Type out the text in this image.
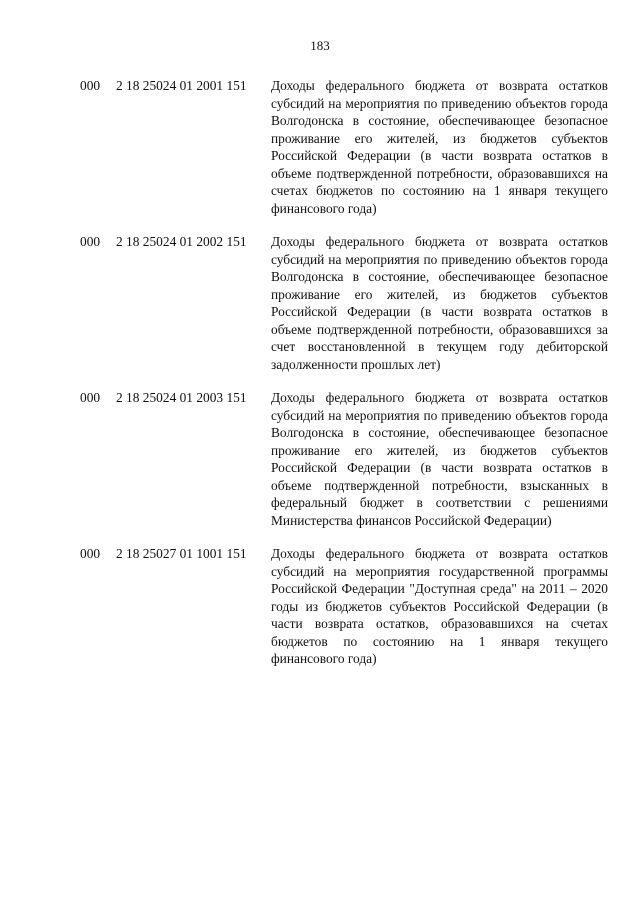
183
000 2 18 25024 01 2001 151 Доходы федерального бюджета от возврата остатков субсидий на мероприятия по приведению объектов города Волгодонска в состояние, обеспечивающее безопасное проживание его жителей, из бюджетов субъектов Российской Федерации (в части возврата остатков в объеме подтвержденной потребности, образовавшихся на счетах бюджетов по состоянию на 1 января текущего финансового года)
000 2 18 25024 01 2002 151 Доходы федерального бюджета от возврата остатков субсидий на мероприятия по приведению объектов города Волгодонска в состояние, обеспечивающее безопасное проживание его жителей, из бюджетов субъектов Российской Федерации (в части возврата остатков в объеме подтвержденной потребности, образовавшихся за счет восстановленной в текущем году дебиторской задолженности прошлых лет)
000 2 18 25024 01 2003 151 Доходы федерального бюджета от возврата остатков субсидий на мероприятия по приведению объектов города Волгодонска в состояние, обеспечивающее безопасное проживание его жителей, из бюджетов субъектов Российской Федерации (в части возврата остатков в объеме подтвержденной потребности, взысканных в федеральный бюджет в соответствии с решениями Министерства финансов Российской Федерации)
000 2 18 25027 01 1001 151 Доходы федерального бюджета от возврата остатков субсидий на мероприятия государственной программы Российской Федерации "Доступная среда" на 2011 – 2020 годы из бюджетов субъектов Российской Федерации (в части возврата остатков, образовавшихся на счетах бюджетов по состоянию на 1 января текущего финансового года)
